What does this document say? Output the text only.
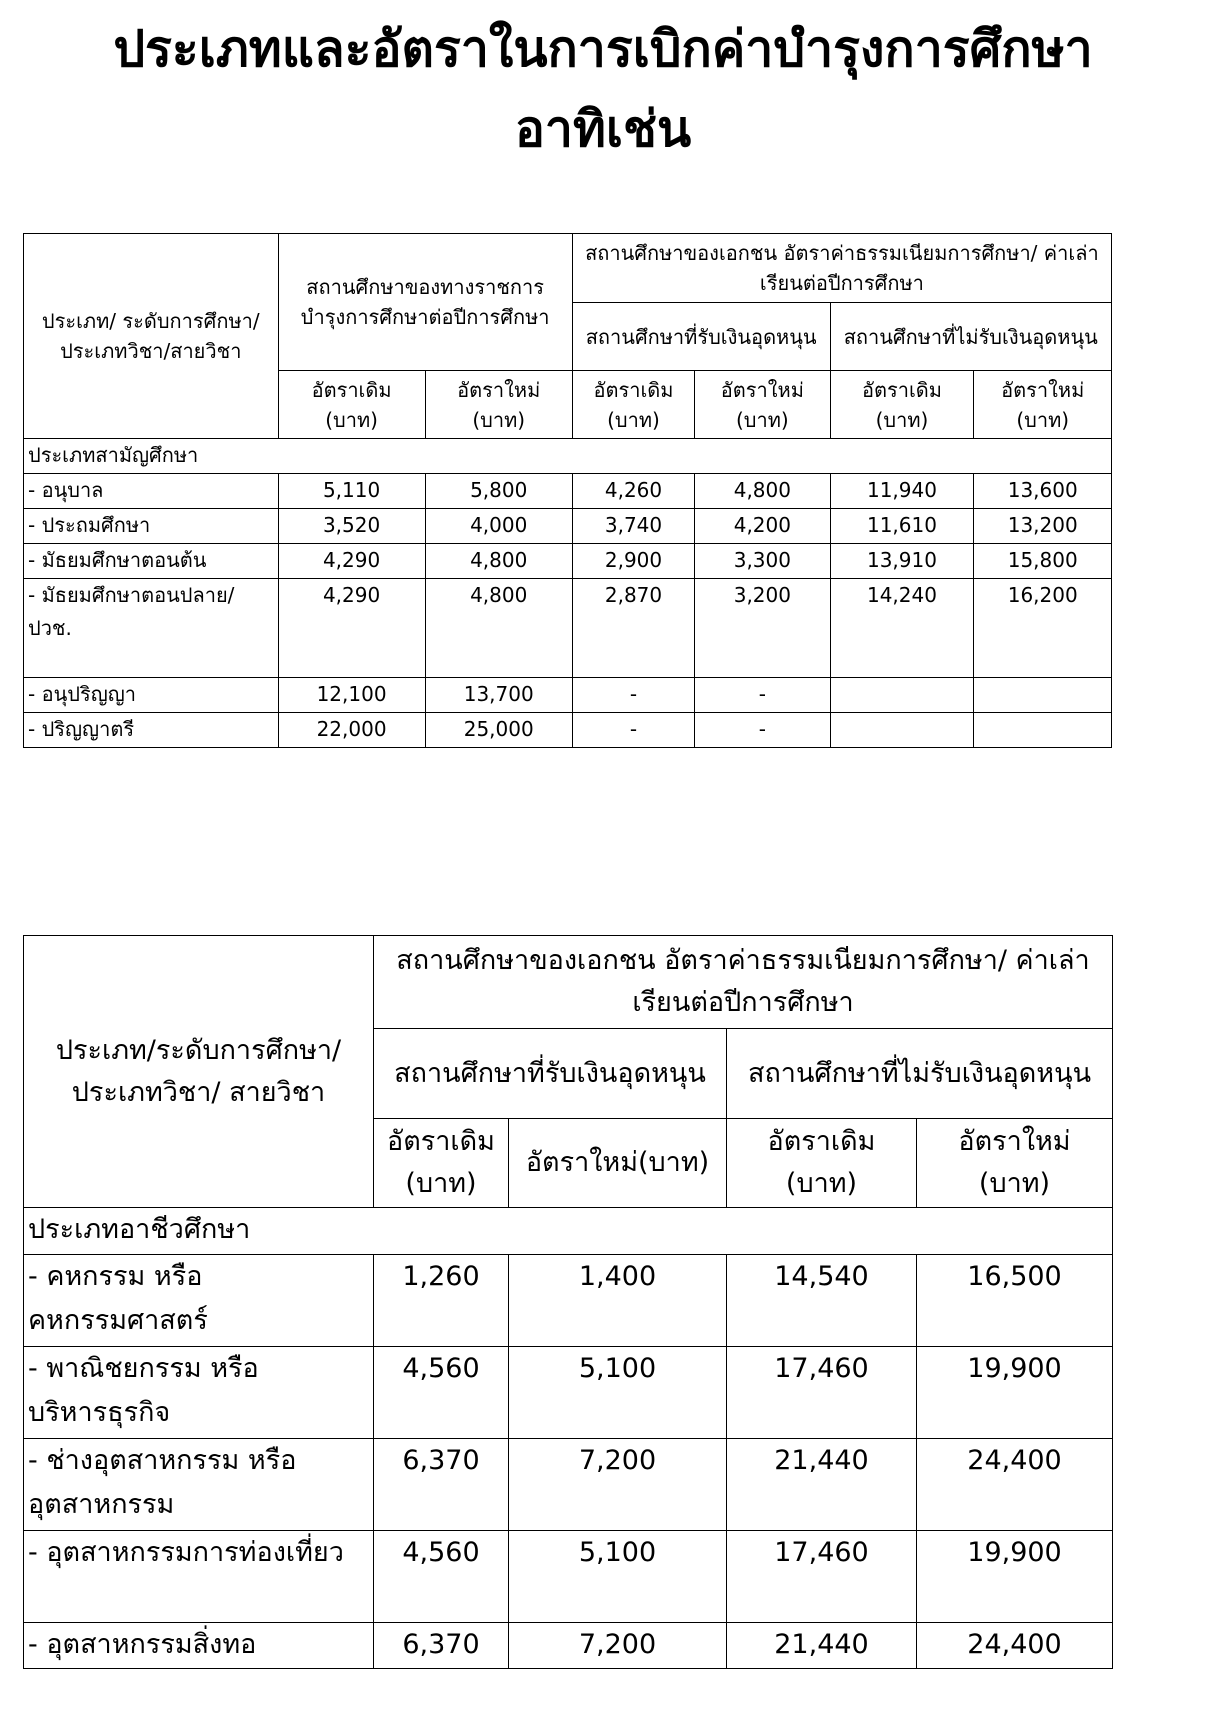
ประเภทและอัตราในการเบิกค่าบำรุงการศึกษา
อาทิเช่น
ประเภท/ ระดับการศึกษา/ ประเภทวิชา/สายวิชา	สถานศึกษาของทางราชการ บำรุงการศึกษาต่อปีการศึกษา		สถานศึกษาของเอกชน อัตราค่าธรรมเนียมการศึกษา/ ค่าเล่าเรียนต่อปีการศึกษา			
			สถานศึกษาที่รับเงินอุดหนุน		สถานศึกษาที่ไม่รับเงินอุดหนุน	
	อัตราเดิม (บาท)	อัตราใหม่ (บาท)	อัตราเดิม (บาท)	อัตราใหม่ (บาท)	อัตราเดิม (บาท)	อัตราใหม่ (บาท)
ประเภทสามัญศึกษา						
- อนุบาล	5,110	5,800	4,260	4,800	11,940	13,600
- ประถมศึกษา	3,520	4,000	3,740	4,200	11,610	13,200
- มัธยมศึกษาตอนต้น	4,290	4,800	2,900	3,300	13,910	15,800
- มัธยมศึกษาตอนปลาย/ ปวช.	4,290	4,800	2,870	3,200	14,240	16,200
- อนุปริญญา	12,100	13,700	-	-		
- ปริญญาตรี	22,000	25,000	-	-		
ประเภท/ระดับการศึกษา/ ประเภทวิชา/ สายวิชา	สถานศึกษาของเอกชน อัตราค่าธรรมเนียมการศึกษา/ ค่าเล่าเรียนต่อปีการศึกษา			
	สถานศึกษาที่รับเงินอุดหนุน		สถานศึกษาที่ไม่รับเงินอุดหนุน	
	อัตราเดิม (บาท)	อัตราใหม่(บาท)	อัตราเดิม (บาท)	อัตราใหม่ (บาท)
ประเภทอาชีวศึกษา				
- คหกรรม หรือคหกรรมศาสตร์	1,260	1,400	14,540	16,500
- พาณิชยกรรม หรือบริหารธุรกิจ	4,560	5,100	17,460	19,900
- ช่างอุตสาหกรรม หรืออุตสาหกรรม	6,370	7,200	21,440	24,400
- อุตสาหกรรมการท่องเที่ยว	4,560	5,100	17,460	19,900
- อุตสาหกรรมสิ่งทอ	6,370	7,200	21,440	24,400
